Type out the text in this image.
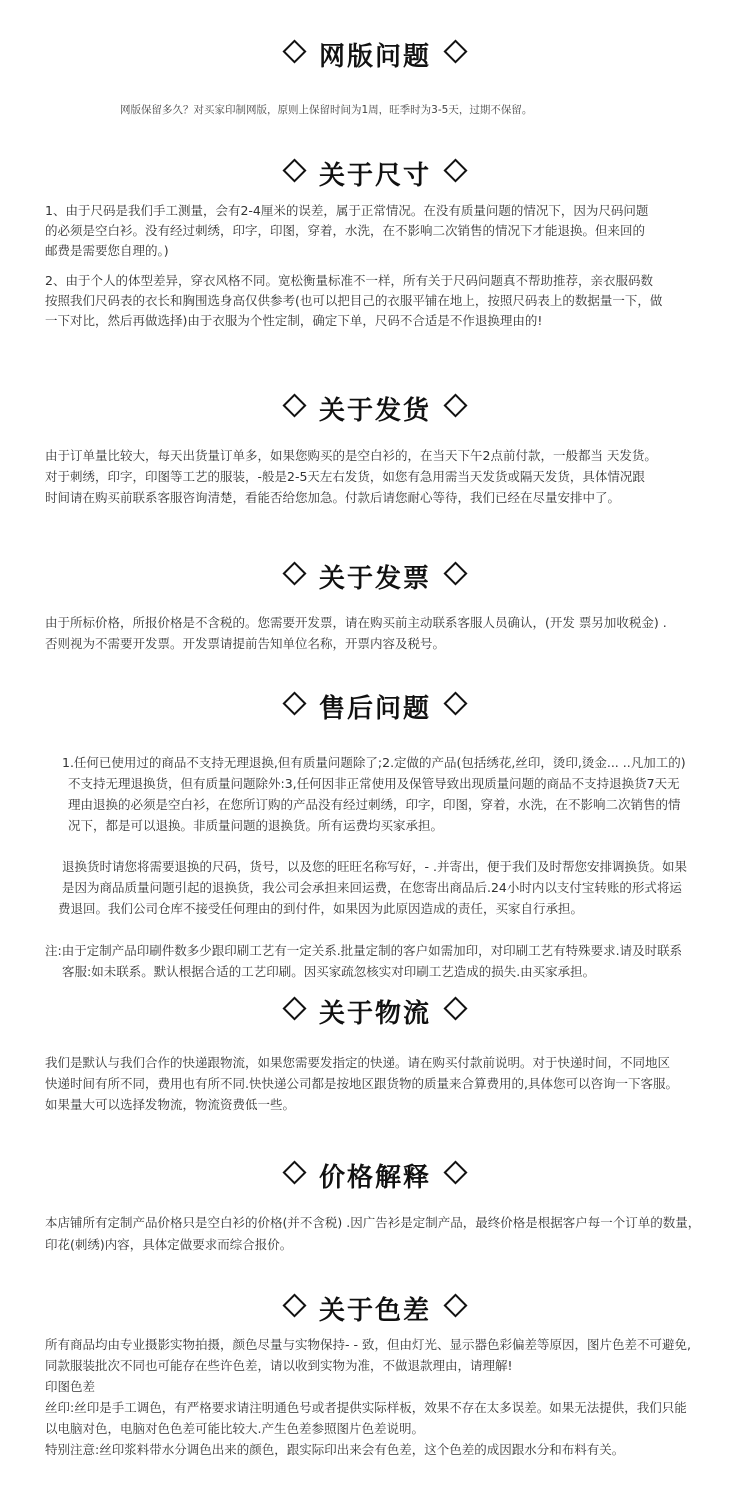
网版问题

网版保留多久？对买家印制网版，原则上保留时间为1周，旺季时为3-5天，过期不保留。

关于尺寸

1、由于尺码是我们手工测量，会有2-4厘米的误差，属于正常情况。在没有质量问题的情况下，因为尺码问题

的必须是空白衫。没有经过刺绣，印字，印图，穿着，水洗，在不影响二次销售的情况下才能退换。但来回的

邮费是需要您自理的。)

2、由于个人的体型差异，穿衣风格不同。宽松衡量标准不一样，所有关于尺码问题真不帮助推荐，亲衣服码数

按照我们尺码表的衣长和胸围选身高仅供参考(也可以把目己的衣服平铺在地上，按照尺码表上的数据量一下，做

一下对比，然后再做选择)由于衣服为个性定制，确定下单，尺码不合适是不作退换理由的!

关于发货

由于订单量比较大，每天出货量订单多，如果您购买的是空白衫的，在当天下午2点前付款，一般都当 天发货。

对于刺绣，印字，印图等工艺的服装，-般是2-5天左右发货，如您有急用需当天发货或隔天发货，具体情况跟

时间请在购买前联系客服咨询清楚，看能否给您加急。付款后请您耐心等待，我们已经在尽量安排中了。

关于发票

由于所标价格，所报价格是不含税的。您需要开发票，请在购买前主动联系客服人员确认，(开发 票另加收税金) .

否则视为不需要开发票。开发票请提前告知单位名称，开票内容及税号。

售后问题

1.任何已使用过的商品不支持无理退换,但有质量问题除了;2.定做的产品(包括绣花,丝印，烫印,烫金... ..凡加工的)

不支持无理退换货，但有质量问题除外:3,任何因非正常使用及保管导致出现质量问题的商品不支持退换货7天无

理由退换的必须是空白衫，在您所订购的产品没有经过刺绣，印字，印图，穿着，水洗，在不影响二次销售的情

况下，都是可以退换。非质量问题的退换货。所有运费均买家承担。

退换货时请您将需要退换的尺码，货号，以及您的旺旺名称写好，- .并寄出，便于我们及时帮您安排调换货。如果

是因为商品质量问题引起的退换货，我公司会承担来回运费，在您寄出商品后.24小时内以支付宝转账的形式将运

费退回。我们公司仓库不接受任何理由的到付件，如果因为此原因造成的责任，买家自行承担。

注:由于定制产品印刷件数多少跟印刷工艺有一定关系.批量定制的客户如需加印，对印刷工艺有特殊要求.请及时联系

客服:如未联系。默认根据合适的工艺印刷。因买家疏忽核实对印刷工艺造成的损失.由买家承担。

关于物流

我们是默认与我们合作的快递跟物流，如果您需要发指定的快递。请在购买付款前说明。对于快递时间，不同地区

快递时间有所不同，费用也有所不同.快快递公司都是按地区跟货物的质量来合算费用的,具体您可以咨询一下客服。

如果量大可以选择发物流，物流资费低一些。

价格解释

本店铺所有定制产品价格只是空白衫的价格(并不含税) .因广告衫是定制产品，最终价格是根据客户每一个订单的数量，

印花(刺绣)内容，具体定做要求而综合报价。

关于色差

所有商品均由专业摄影实物拍摄，颜色尽量与实物保持- - 致，但由灯光、显示器色彩偏差等原因，图片色差不可避免,

同款服装批次不同也可能存在些许色差，请以收到实物为准，不做退款理由，请理解!

印图色差

丝印:丝印是手工调色，有严格要求请注明通色号或者提供实际样板，效果不存在太多误差。如果无法提供，我们只能

以电脑对色，电脑对色色差可能比较大.产生色差参照图片色差说明。

特别注意:丝印浆料带水分调色出来的颜色，跟实际印出来会有色差，这个色差的成因跟水分和布料有关。
